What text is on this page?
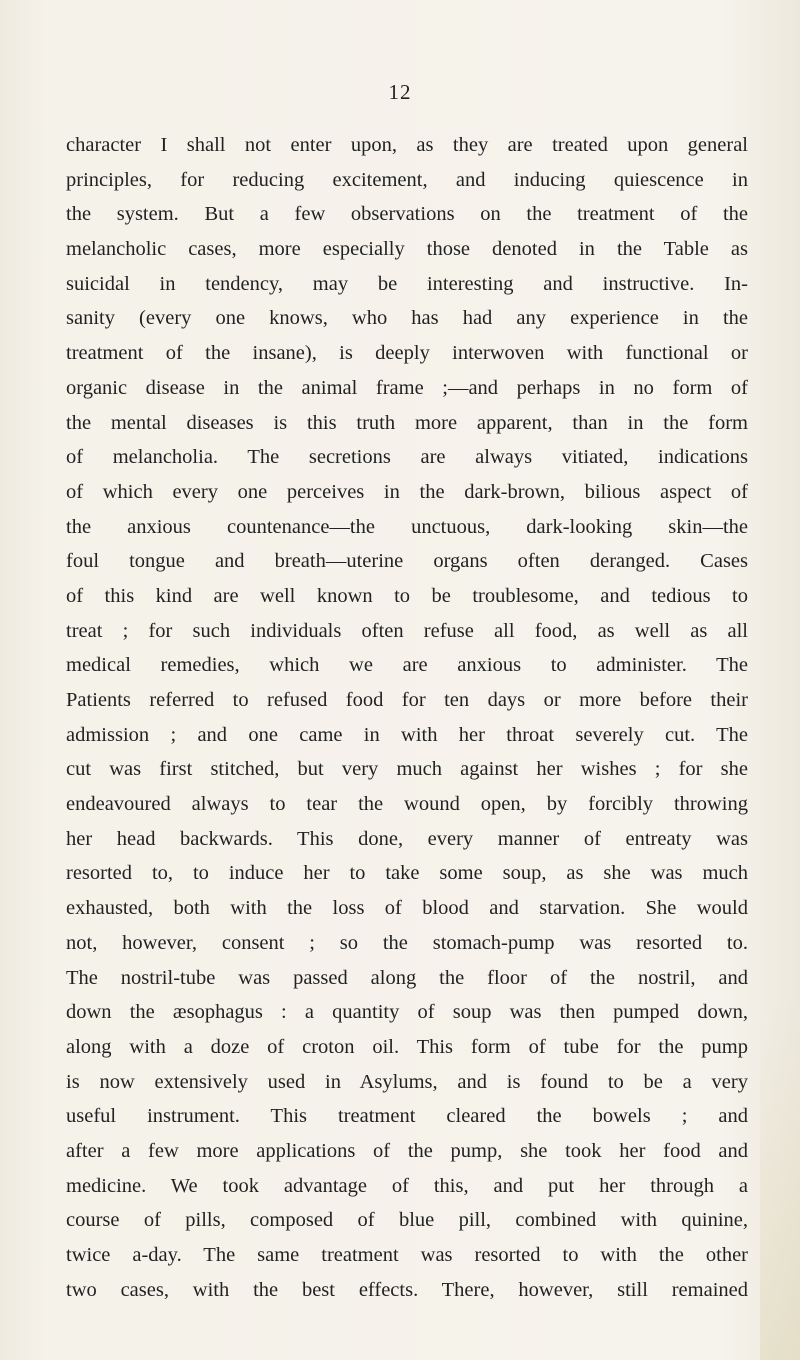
12
character I shall not enter upon, as they are treated upon general
principles, for reducing excitement, and inducing quiescence in
the system. But a few observations on the treatment of the
melancholic cases, more especially those denoted in the Table as
suicidal in tendency, may be interesting and instructive. In-
sanity (every one knows, who has had any experience in the
treatment of the insane), is deeply interwoven with functional or
organic disease in the animal frame ;—and perhaps in no form of
the mental diseases is this truth more apparent, than in the form
of melancholia. The secretions are always vitiated, indications
of which every one perceives in the dark-brown, bilious aspect of
the anxious countenance—the unctuous, dark-looking skin—the
foul tongue and breath—uterine organs often deranged. Cases
of this kind are well known to be troublesome, and tedious to
treat ; for such individuals often refuse all food, as well as all
medical remedies, which we are anxious to administer. The
Patients referred to refused food for ten days or more before their
admission ; and one came in with her throat severely cut. The
cut was first stitched, but very much against her wishes ; for she
endeavoured always to tear the wound open, by forcibly throwing
her head backwards. This done, every manner of entreaty was
resorted to, to induce her to take some soup, as she was much
exhausted, both with the loss of blood and starvation. She would
not, however, consent ; so the stomach-pump was resorted to.
The nostril-tube was passed along the floor of the nostril, and
down the æsophagus : a quantity of soup was then pumped down,
along with a doze of croton oil. This form of tube for the pump
is now extensively used in Asylums, and is found to be a very
useful instrument. This treatment cleared the bowels ; and
after a few more applications of the pump, she took her food and
medicine. We took advantage of this, and put her through a
course of pills, composed of blue pill, combined with quinine,
twice a-day. The same treatment was resorted to with the other
two cases, with the best effects. There, however, still remained
